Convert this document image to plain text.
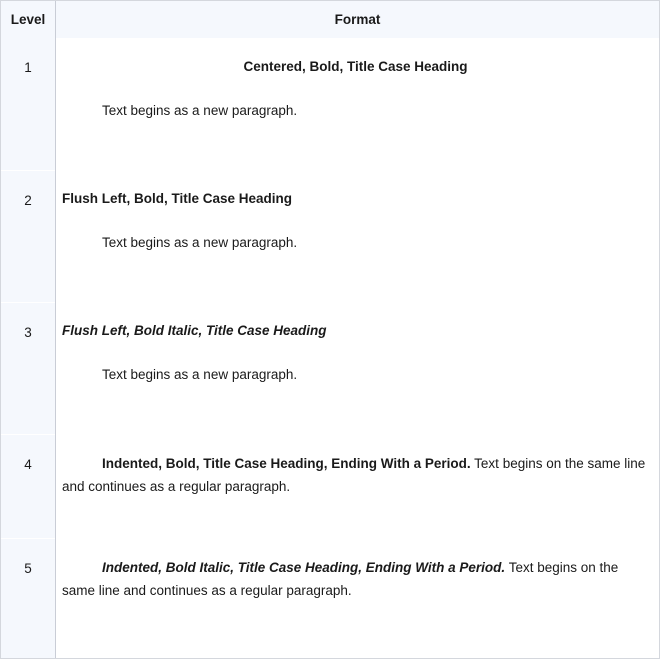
Level	Format
1
2
3
4
5

Centered, Bold, Title Case Heading

Text begins as a new paragraph.

Flush Left, Bold, Title Case Heading

Text begins as a new paragraph.

Flush Left, Bold Italic, Title Case Heading

Text begins as a new paragraph.

Indented, Bold, Title Case Heading, Ending With a Period. Text begins on the same line and continues as a regular paragraph.

Indented, Bold Italic, Title Case Heading, Ending With a Period. Text begins on the same line and continues as a regular paragraph.
